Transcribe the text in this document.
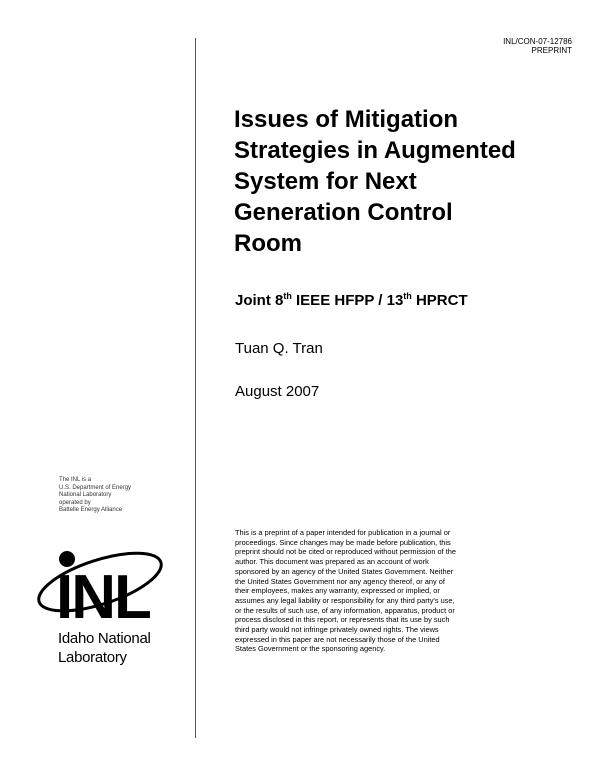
INL/CON-07-12786
PREPRINT
Issues of Mitigation
Strategies in Augmented
System for Next
Generation Control
Room
Joint 8th IEEE HFPP / 13th HPRCT
Tuan Q. Tran
August 2007
The INL is a
U.S. Department of Energy
National Laboratory
operated by
Battelle Energy Alliance
INL
Idaho National
Laboratory
This is a preprint of a paper intended for publication in a journal or
proceedings. Since changes may be made before publication, this
preprint should not be cited or reproduced without permission of the
author. This document was prepared as an account of work
sponsored by an agency of the United States Government. Neither
the United States Government nor any agency thereof, or any of
their employees, makes any warranty, expressed or implied, or
assumes any legal liability or responsibility for any third party's use,
or the results of such use, of any information, apparatus, product or
process disclosed in this report, or represents that its use by such
third party would not infringe privately owned rights. The views
expressed in this paper are not necessarily those of the United
States Government or the sponsoring agency.
